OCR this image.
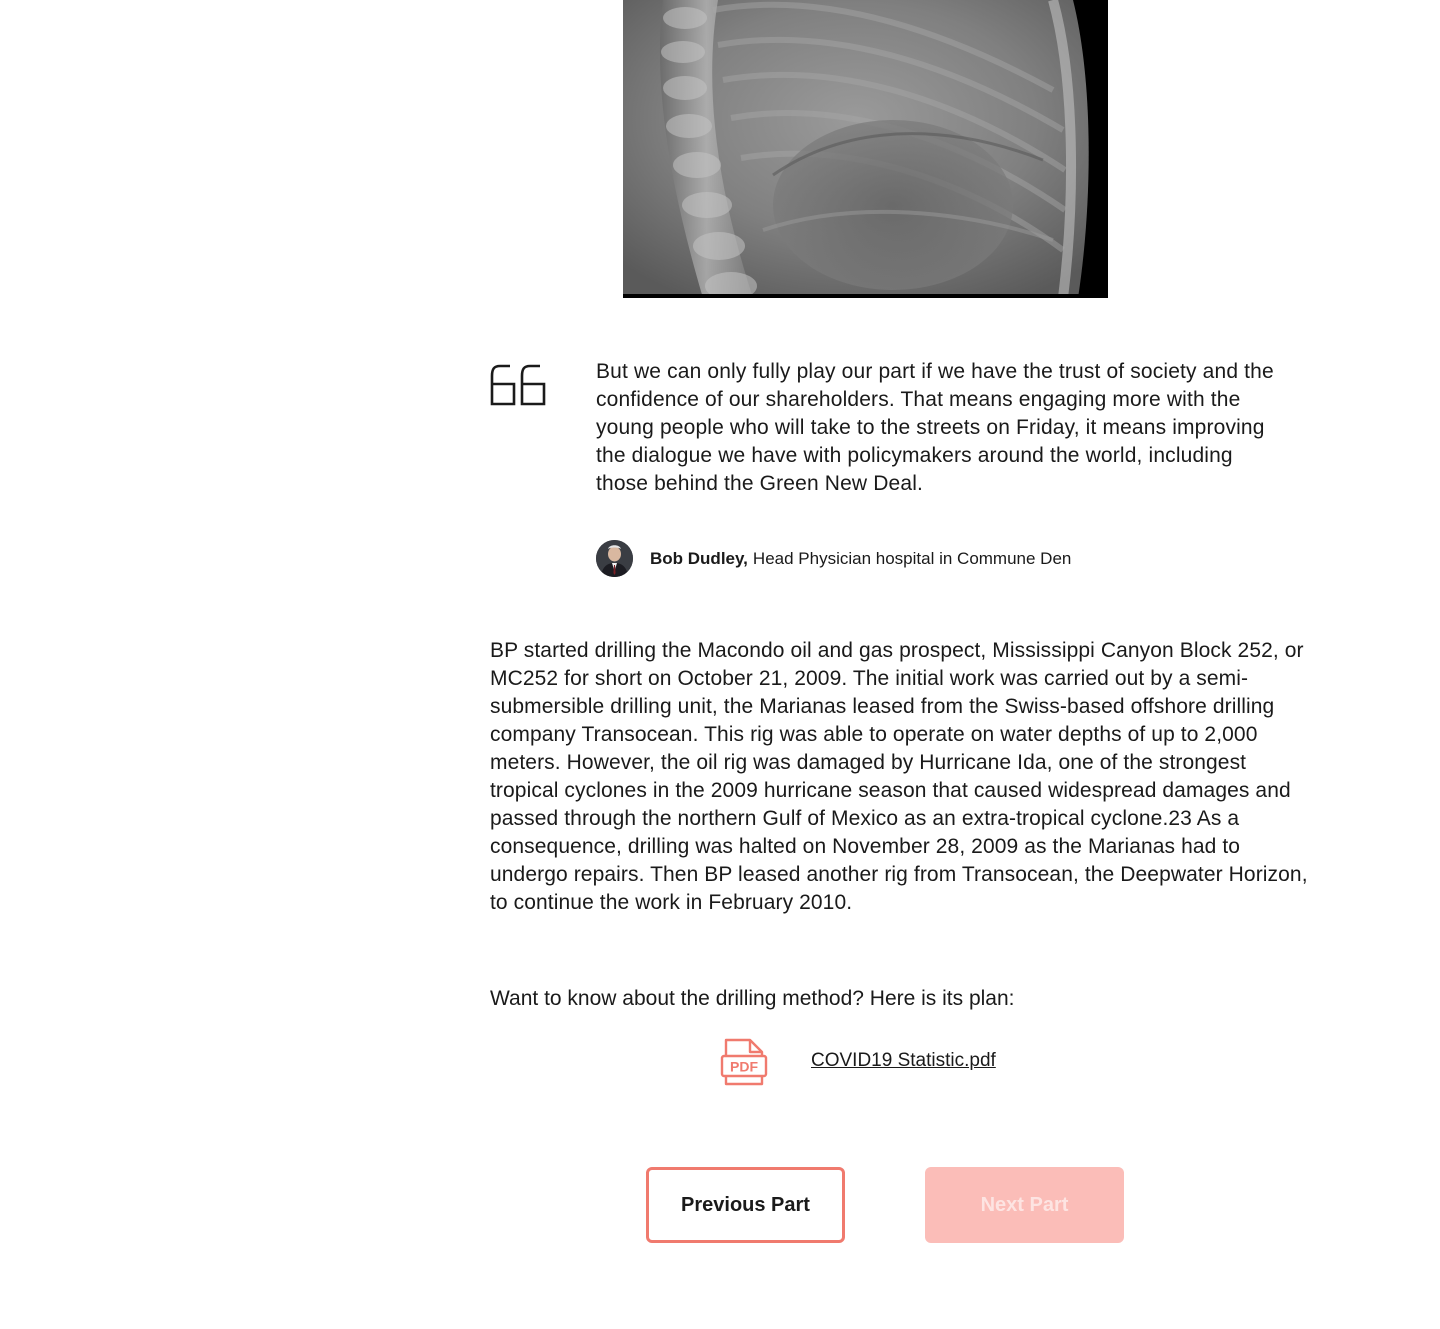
But we can only fully play our part if we have the trust of society and the confidence of our shareholders. That means engaging more with the young people who will take to the streets on Friday, it means improving the dialogue we have with policymakers around the world, including those behind the Green New Deal.

Bob Dudley, Head Physician hospital in Commune Den

BP started drilling the Macondo oil and gas prospect, Mississippi Canyon Block 252, or MC252 for short on October 21, 2009. The initial work was carried out by a semi-submersible drilling unit, the Marianas leased from the Swiss-based offshore drilling company Transocean. This rig was able to operate on water depths of up to 2,000 meters. However, the oil rig was damaged by Hurricane Ida, one of the strongest tropical cyclones in the 2009 hurricane season that caused widespread damages and passed through the northern Gulf of Mexico as an extra-tropical cyclone.23 As a consequence, drilling was halted on November 28, 2009 as the Marianas had to undergo repairs. Then BP leased another rig from Transocean, the Deepwater Horizon, to continue the work in February 2010.

Want to know about the drilling method? Here is its plan:

PDF	COVID19 Statistic.pdf
Previous Part	Next Part
